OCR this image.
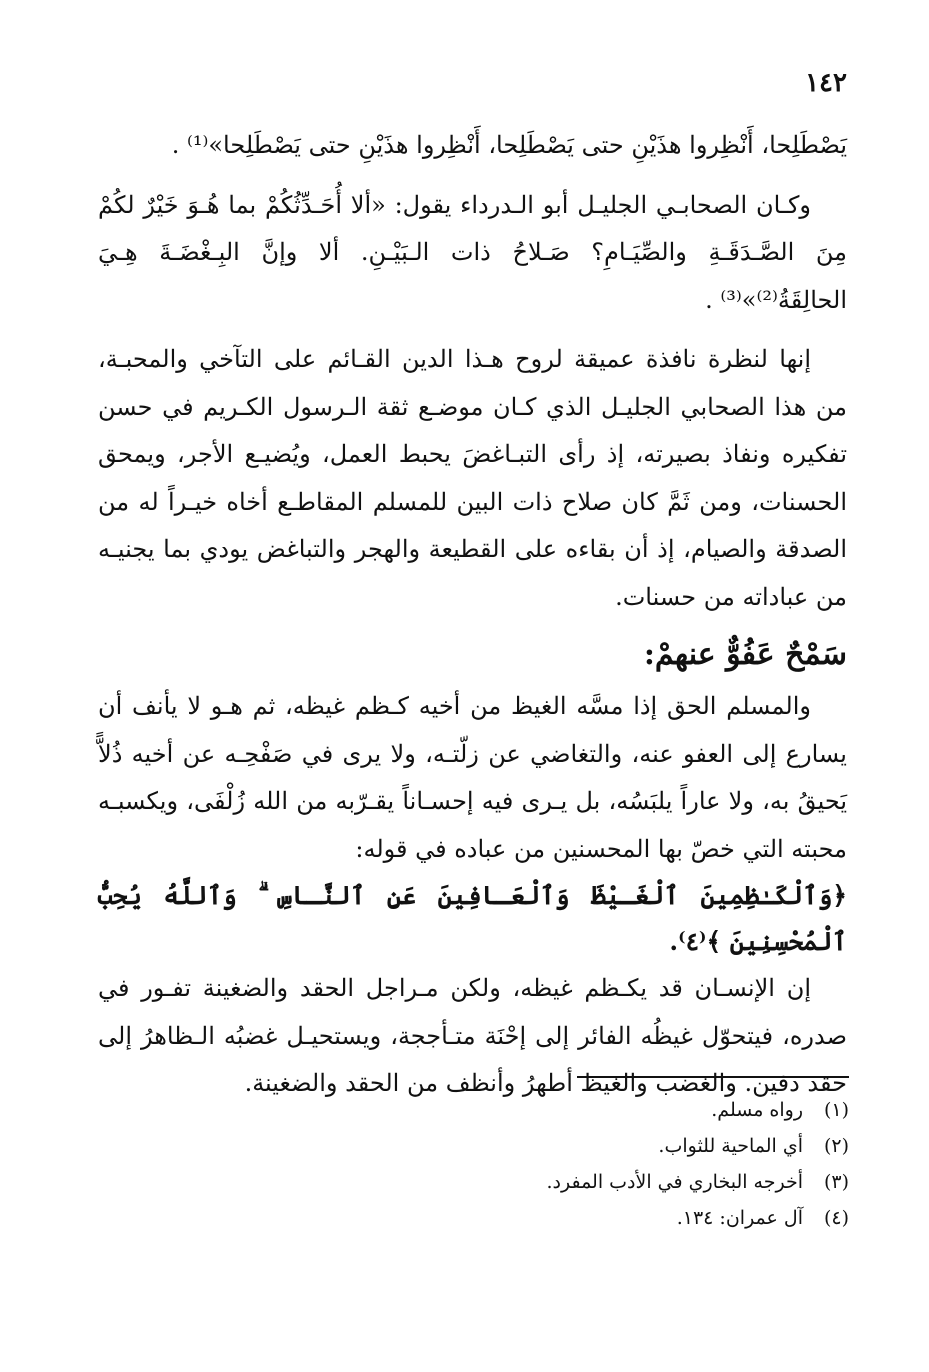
١٤٢

يَصْطَلِحا، أَنْظِروا هذَيْنِ حتى يَصْطَلِحا، أَنْظِروا هذَيْنِ حتى يَصْطَلِحا»⁽¹⁾ .

وكـان الصحابـي الجليـل أبو الـدرداء يقول: «ألا أُحَـدِّثُكُمْ بما هُـوَ خَيْرٌ لكُمْ مِنَ الصَّـدَقَـةِ والصِّيَـامِ؟ صَـلاحُ ذات الـبَيْـنِ. ألا وإنَّ البِـغْضَـةَ هِـيَ الحالِقَةُ⁽²⁾»⁽³⁾ .

إنها لنظرة نافذة عميقة لروح هـذا الدين القـائم على التآخي والمحبـة، من هذا الصحابي الجليـل الذي كـان موضـع ثقة الـرسول الكـريم في حسن تفكيره ونفاذ بصيرته، إذ رأى التبـاغضَ يحبط العمل، ويُضيـع الأجر، ويمحق الحسنات، ومن ثَمَّ كان صلاح ذات البين للمسلم المقاطـع أخاه خيـراً له من الصدقة والصيام، إذ أن بقاءه على القطيعة والهجر والتباغض يودي بما يجنيـه من عباداته من حسنات.

سَمْحٌ عَفُوٌّ عنهمْ:

والمسلم الحق إذا مسَّه الغيظ من أخيه كـظم غيظه، ثم هـو لا يأنف أن يسارع إلى العفو عنه، والتغاضي عن زلّتـه، ولا يرى في صَفْحِـه عن أخيه ذُلاًّ يَحيقُ به، ولا عاراً يلبَسُه، بل يـرى فيه إحسـاناً يقـرّبه من الله زُلْفَى، ويكسبـه محبته التي خصّ بها المحسنين من عباده في قوله:

﴿وَٱلْكَـٰظِمِينَ ٱلْغَـيْظَ وَٱلْعَـافِينَ عَنِ ٱلنَّـاسِ ۗ وَٱللَّهُ يُحِبُّ ٱلْمُحْسِنِينَ ﴾⁽٤⁾.

إن الإنسـان قد يكـظم غيظه، ولكن مـراجل الحقد والضغينة تفـور في صدره، فيتحوّل غيظُه الفائر إلى إحْنَة متـأججة، ويستحيـل غضبُه الـظاهرُ إلى حقد دفين. والغضب والغيظ أطهرُ وأنظف من الحقد والضغينة.

(١)
رواه مسلم.
(٢)
أي الماحية للثواب.
(٣)
أخرجه البخاري في الأدب المفرد.
(٤)
آل عمران: ١٣٤.
